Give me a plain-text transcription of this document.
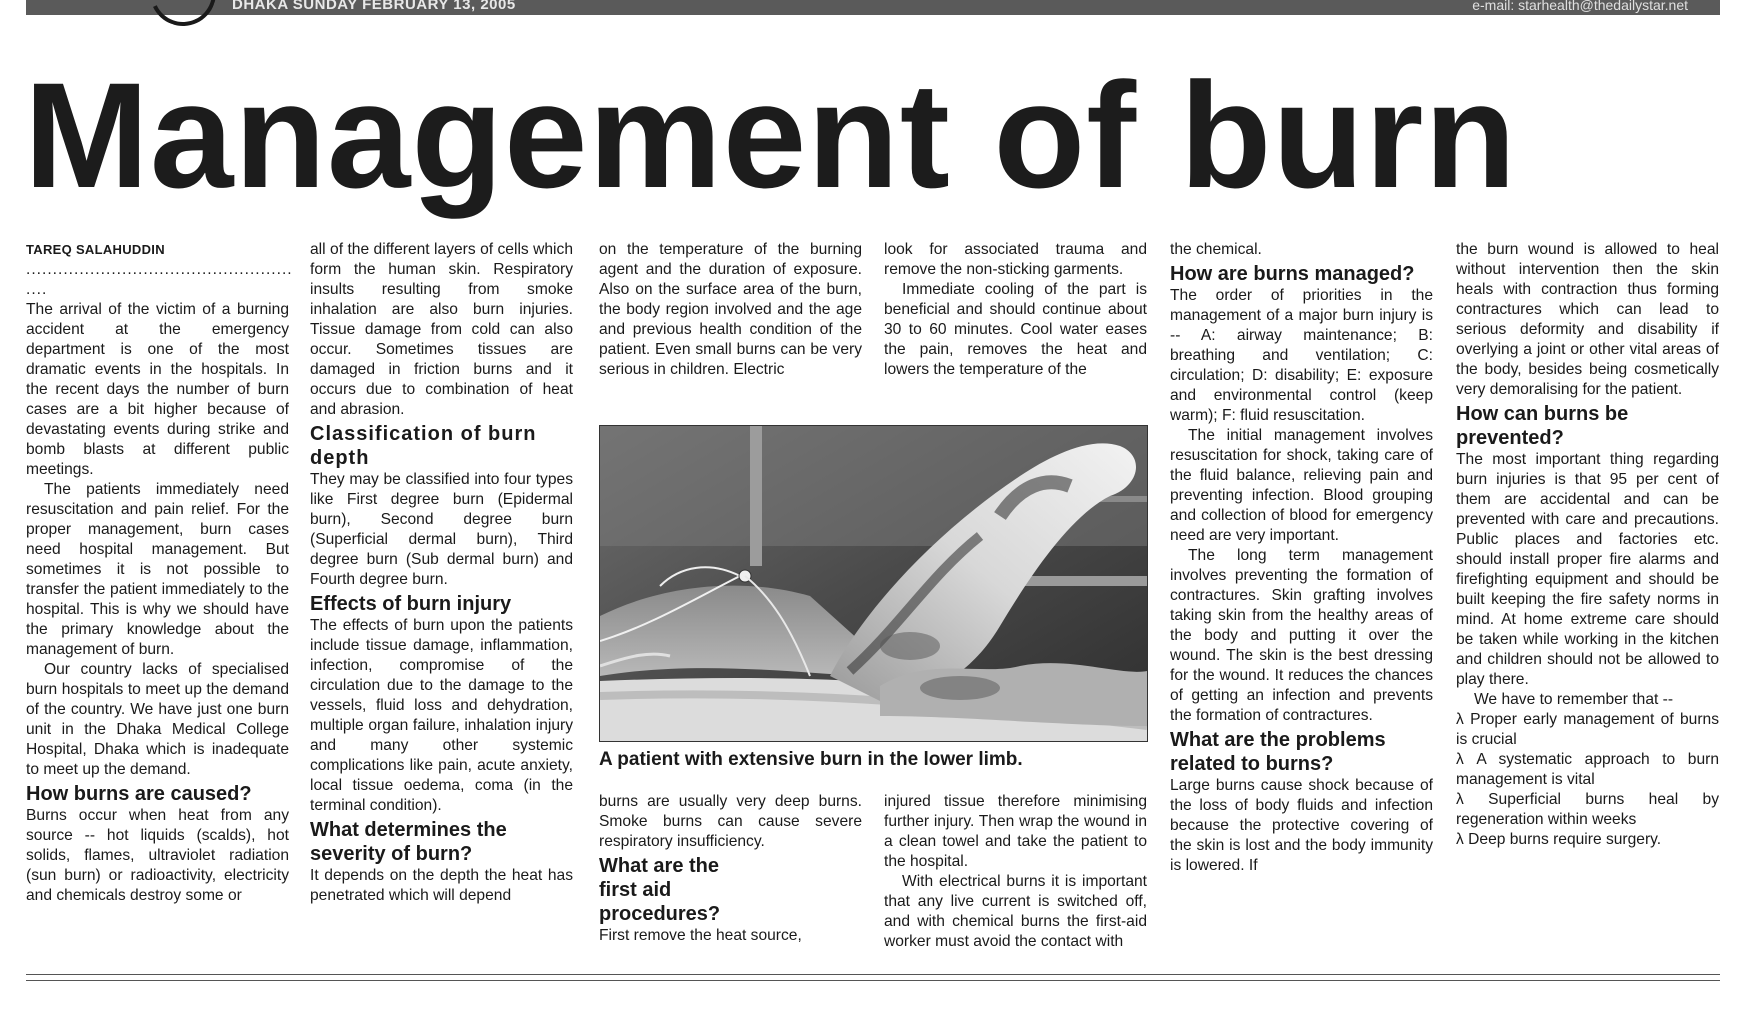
DHAKA SUNDAY FEBRUARY 13, 2005	e-mail: starhealth@thedailystar.net
Management of burn
TAREQ SALAHUDDIN
..................................................
....

The arrival of the victim of a burning accident at the emergency department is one of the most dramatic events in the hospitals. In the recent days the number of burn cases are a bit higher because of devastating events during strike and bomb blasts at different public meetings.

The patients immediately need resuscitation and pain relief. For the proper management, burn cases need hospital management. But sometimes it is not possible to transfer the patient immediately to the hospital. This is why we should have the primary knowledge about the management of burn.

Our country lacks of specialised burn hospitals to meet up the demand of the country. We have just one burn unit in the Dhaka Medical College Hospital, Dhaka which is inadequate to meet up the demand.

How burns are caused?

Burns occur when heat from any source -- hot liquids (scalds), hot solids, flames, ultraviolet radiation (sun burn) or radioactivity, electricity and chemicals destroy some or

all of the different layers of cells which form the human skin. Respiratory insults resulting from smoke inhalation are also burn injuries. Tissue damage from cold can also occur. Sometimes tissues are damaged in friction burns and it occurs due to combination of heat and abrasion.

Classification of burn depth

They may be classified into four types like First degree burn (Epidermal burn), Second degree burn (Superficial dermal burn), Third degree burn (Sub dermal burn) and Fourth degree burn.

Effects of burn injury

The effects of burn upon the patients include tissue damage, inflammation, infection, compromise of the circulation due to the damage to the vessels, fluid loss and dehydration, multiple organ failure, inhalation injury and many other systemic complications like pain, acute anxiety, local tissue oedema, coma (in the terminal condition).

What determines the severity of burn?

It depends on the depth the heat has penetrated which will depend

on the temperature of the burning agent and the duration of exposure. Also on the surface area of the burn, the body region involved and the age and previous health condition of the patient. Even small burns can be very serious in children. Electric

look for associated trauma and remove the non-sticking garments.

Immediate cooling of the part is beneficial and should continue about 30 to 60 minutes. Cool water eases the pain, removes the heat and lowers the temperature of the

A patient with extensive burn in the lower limb.

burns are usually very deep burns. Smoke burns can cause severe respiratory insufficiency.

What are the first aid procedures?

First remove the heat source,

injured tissue therefore minimising further injury. Then wrap the wound in a clean towel and take the patient to the hospital.

With electrical burns it is important that any live current is switched off, and with chemical burns the first-aid worker must avoid the contact with

the chemical.

How are burns managed?

The order of priorities in the management of a major burn injury is -- A: airway maintenance; B: breathing and ventilation; C: circulation; D: disability; E: exposure and environmental control (keep warm); F: fluid resuscitation.

The initial management involves resuscitation for shock, taking care of the fluid balance, relieving pain and preventing infection. Blood grouping and collection of blood for emergency need are very important.

The long term management involves preventing the formation of contractures. Skin grafting involves taking skin from the healthy areas of the body and putting it over the wound. The skin is the best dressing for the wound. It reduces the chances of getting an infection and prevents the formation of contractures.

What are the problems related to burns?

Large burns cause shock because of the loss of body fluids and infection because the protective covering of the skin is lost and the body immunity is lowered. If

the burn wound is allowed to heal without intervention then the skin heals with contraction thus forming contractures which can lead to serious deformity and disability if overlying a joint or other vital areas of the body, besides being cosmetically very demoralising for the patient.

How can burns be prevented?

The most important thing regarding burn injuries is that 95 per cent of them are accidental and can be prevented with care and precautions. Public places and factories etc. should install proper fire alarms and firefighting equipment and should be built keeping the fire safety norms in mind. At home extreme care should be taken while working in the kitchen and children should not be allowed to play there.

We have to remember that --

λ Proper early management of burns is crucial
λ A systematic approach to burn management is vital
λ Superficial burns heal by regeneration within weeks
λ Deep burns require surgery.
